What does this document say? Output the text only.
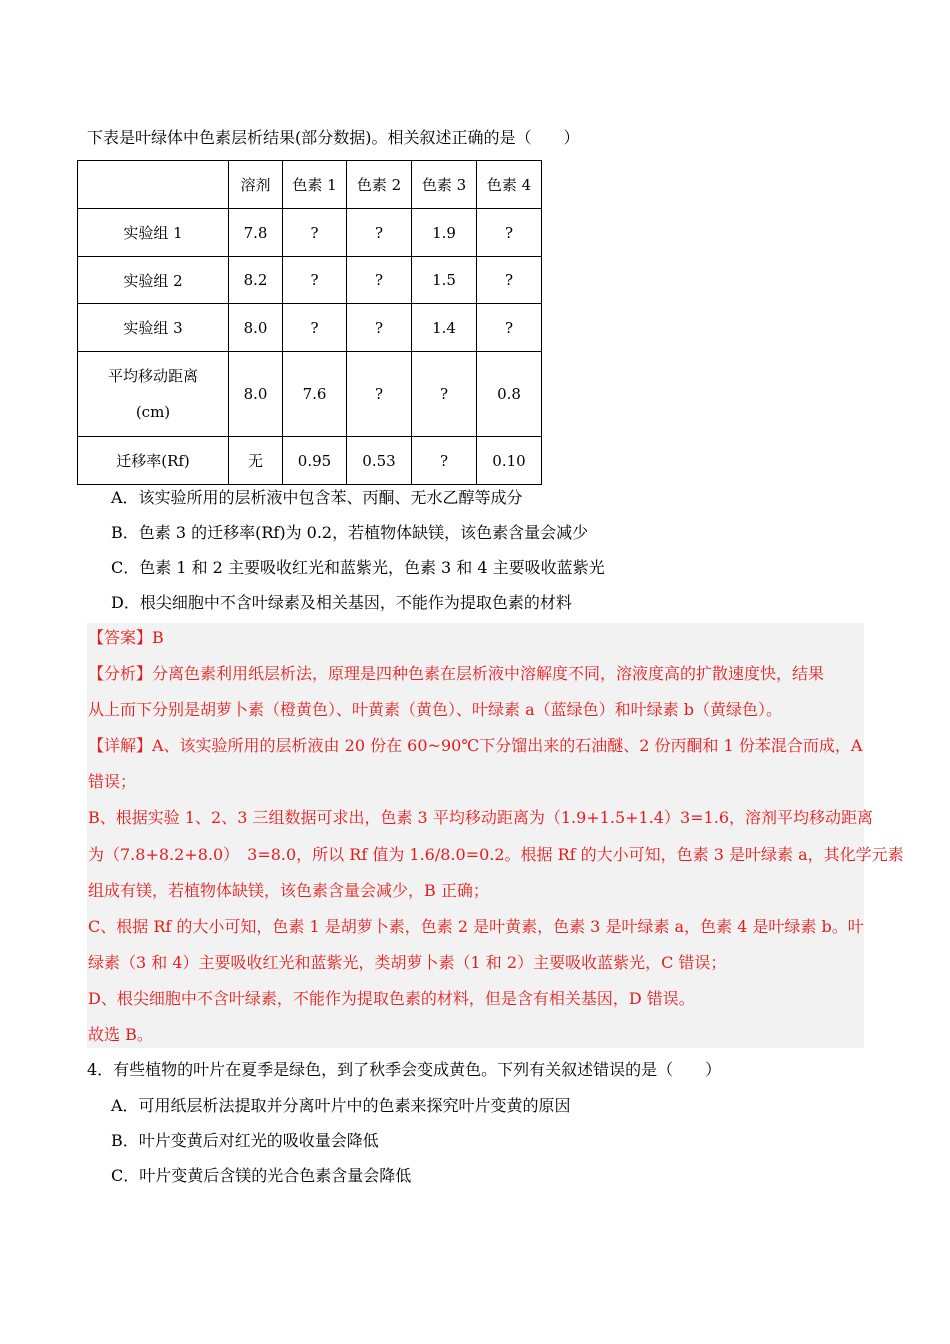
下表是叶绿体中色素层析结果(部分数据)。相关叙述正确的是（　　）
	溶剂	色素 1	色素 2	色素 3	色素 4
实验组 1	7.8	?	?	1.9	?
实验组 2	8.2	?	?	1.5	?
实验组 3	8.0	?	?	1.4	?

平均移动距离
(cm)	8.0	7.6	?	?	0.8
迁移率(Rf)	无	0.95	0.53	?	0.10
A．该实验所用的层析液中包含苯、丙酮、无水乙醇等成分
B．色素 3 的迁移率(Rf)为 0.2，若植物体缺镁，该色素含量会减少
C．色素 1 和 2 主要吸收红光和蓝紫光，色素 3 和 4 主要吸收蓝紫光
D．根尖细胞中不含叶绿素及相关基因，不能作为提取色素的材料
【答案】B
【分析】分离色素利用纸层析法，原理是四种色素在层析液中溶解度不同，溶液度高的扩散速度快，结果
从上而下分别是胡萝卜素（橙黄色）、叶黄素（黄色）、叶绿素 a（蓝绿色）和叶绿素 b（黄绿色）。
【详解】A、该实验所用的层析液由 20 份在 60~90℃下分馏出来的石油醚、2 份丙酮和 1 份苯混合而成，A
错误；
B、根据实验 1、2、3 三组数据可求出，色素 3 平均移动距离为（1.9+1.5+1.4）3=1.6，溶剂平均移动距离
为（7.8+8.2+8.0）　3=8.0，所以 Rf 值为 1.6/8.0=0.2。根据 Rf 的大小可知，色素 3 是叶绿素 a，其化学元素
组成有镁，若植物体缺镁，该色素含量会减少，B 正确；
C、根据 Rf 的大小可知，色素 1 是胡萝卜素，色素 2 是叶黄素，色素 3 是叶绿素 a，色素 4 是叶绿素 b。叶
绿素（3 和 4）主要吸收红光和蓝紫光，类胡萝卜素（1 和 2）主要吸收蓝紫光，C 错误；
D、根尖细胞中不含叶绿素，不能作为提取色素的材料，但是含有相关基因，D 错误。
故选 B。
4．有些植物的叶片在夏季是绿色，到了秋季会变成黄色。下列有关叙述错误的是（　　）
A．可用纸层析法提取并分离叶片中的色素来探究叶片变黄的原因
B．叶片变黄后对红光的吸收量会降低
C．叶片变黄后含镁的光合色素含量会降低
